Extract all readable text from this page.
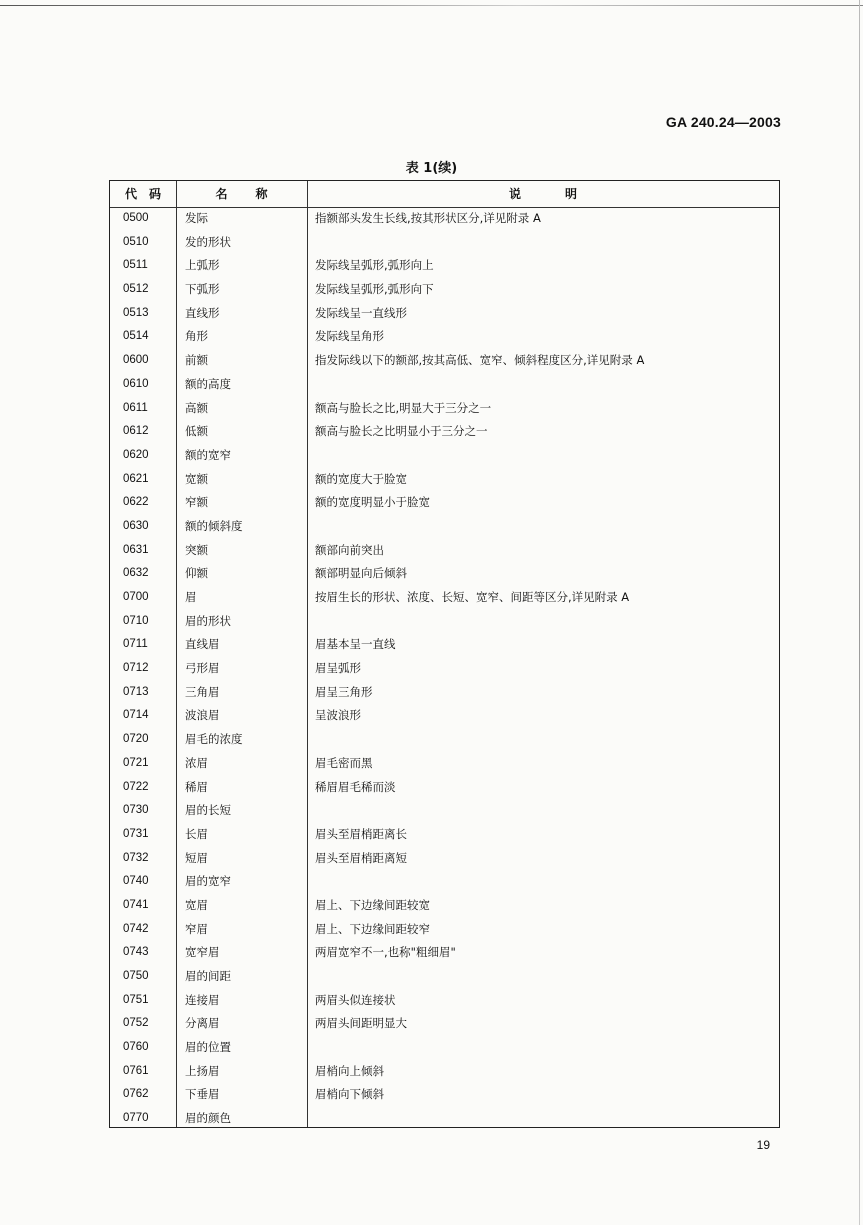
GA 240.24—2003
表 1(续)
代码	名称	说明
0500	发际	指额部头发生长线,按其形状区分,详见附录 A
0510	发的形状
0511	上弧形	发际线呈弧形,弧形向上
0512	下弧形	发际线呈弧形,弧形向下
0513	直线形	发际线呈一直线形
0514	角形	发际线呈角形
0600	前额	指发际线以下的额部,按其高低、宽窄、倾斜程度区分,详见附录 A
0610	额的高度
0611	高额	额高与脸长之比,明显大于三分之一
0612	低额	额高与脸长之比明显小于三分之一
0620	额的宽窄
0621	宽额	额的宽度大于脸宽
0622	窄额	额的宽度明显小于脸宽
0630	额的倾斜度
0631	突额	额部向前突出
0632	仰额	额部明显向后倾斜
0700	眉	按眉生长的形状、浓度、长短、宽窄、间距等区分,详见附录 A
0710	眉的形状
0711	直线眉	眉基本呈一直线
0712	弓形眉	眉呈弧形
0713	三角眉	眉呈三角形
0714	波浪眉	呈波浪形
0720	眉毛的浓度
0721	浓眉	眉毛密而黑
0722	稀眉	稀眉眉毛稀而淡
0730	眉的长短
0731	长眉	眉头至眉梢距离长
0732	短眉	眉头至眉梢距离短
0740	眉的宽窄
0741	宽眉	眉上、下边缘间距较宽
0742	窄眉	眉上、下边缘间距较窄
0743	宽窄眉	两眉宽窄不一,也称"粗细眉"
0750	眉的间距
0751	连接眉	两眉头似连接状
0752	分离眉	两眉头间距明显大
0760	眉的位置
0761	上扬眉	眉梢向上倾斜
0762	下垂眉	眉梢向下倾斜
0770	眉的颜色
19
